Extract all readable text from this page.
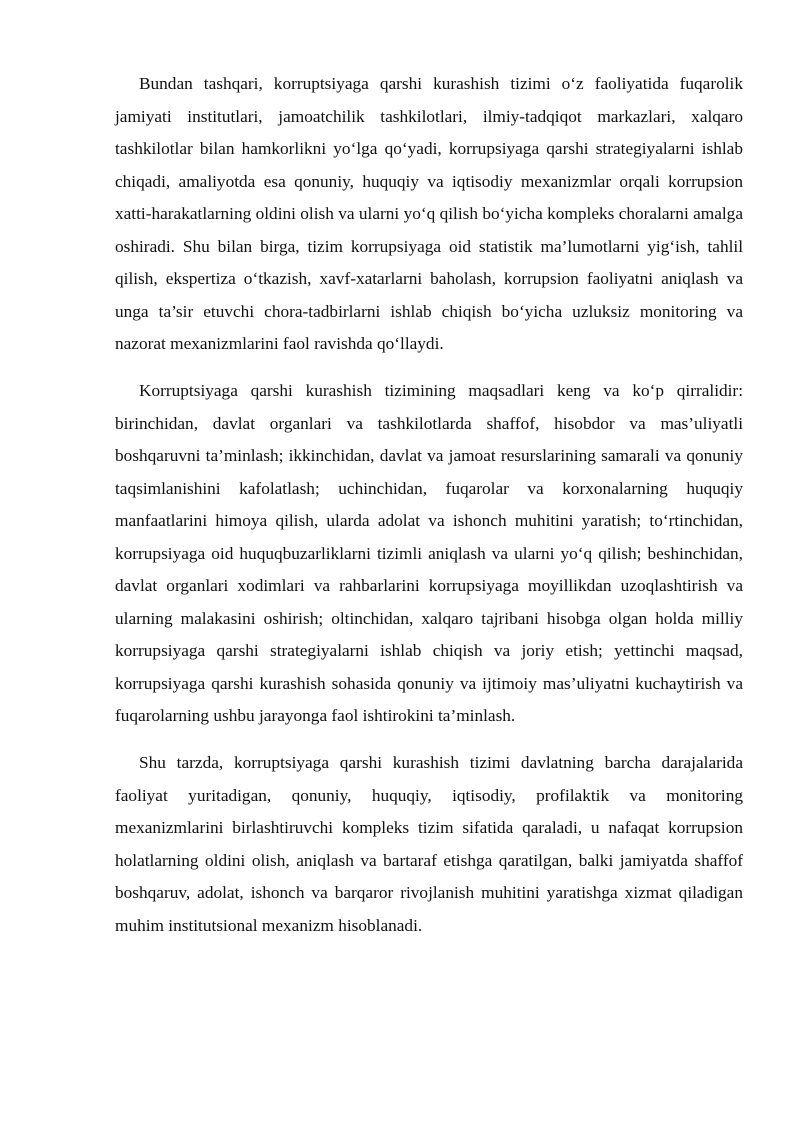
Bundan tashqari, korruptsiyaga qarshi kurashish tizimi o‘z faoliyatida fuqarolik jamiyati institutlari, jamoatchilik tashkilotlari, ilmiy-tadqiqot markazlari, xalqaro tashkilotlar bilan hamkorlikni yo‘lga qo‘yadi, korrupsiyaga qarshi strategiyalarni ishlab chiqadi, amaliyotda esa qonuniy, huquqiy va iqtisodiy mexanizmlar orqali korrupsion xatti-harakatlarning oldini olish va ularni yo‘q qilish bo‘yicha kompleks choralarni amalga oshiradi. Shu bilan birga, tizim korrupsiyaga oid statistik ma’lumotlarni yig‘ish, tahlil qilish, ekspertiza o‘tkazish, xavf-xatarlarni baholash, korrupsion faoliyatni aniqlash va unga ta’sir etuvchi chora-tadbirlarni ishlab chiqish bo‘yicha uzluksiz monitoring va nazorat mexanizmlarini faol ravishda qo‘llaydi.

Korruptsiyaga qarshi kurashish tizimining maqsadlari keng va ko‘p qirralidir: birinchidan, davlat organlari va tashkilotlarda shaffof, hisobdor va mas’uliyatli boshqaruvni ta’minlash; ikkinchidan, davlat va jamoat resurslarining samarali va qonuniy taqsimlanishini kafolatlash; uchinchidan, fuqarolar va korxonalarning huquqiy manfaatlarini himoya qilish, ularda adolat va ishonch muhitini yaratish; to‘rtinchidan, korrupsiyaga oid huquqbuzarliklarni tizimli aniqlash va ularni yo‘q qilish; beshinchidan, davlat organlari xodimlari va rahbarlarini korrupsiyaga moyillikdan uzoqlashtirish va ularning malakasini oshirish; oltinchidan, xalqaro tajribani hisobga olgan holda milliy korrupsiyaga qarshi strategiyalarni ishlab chiqish va joriy etish; yettinchi maqsad, korrupsiyaga qarshi kurashish sohasida qonuniy va ijtimoiy mas’uliyatni kuchaytirish va fuqarolarning ushbu jarayonga faol ishtirokini ta’minlash.

Shu tarzda, korruptsiyaga qarshi kurashish tizimi davlatning barcha darajalarida faoliyat yuritadigan, qonuniy, huquqiy, iqtisodiy, profilaktik va monitoring mexanizmlarini birlashtiruvchi kompleks tizim sifatida qaraladi, u nafaqat korrupsion holatlarning oldini olish, aniqlash va bartaraf etishga qaratilgan, balki jamiyatda shaffof boshqaruv, adolat, ishonch va barqaror rivojlanish muhitini yaratishga xizmat qiladigan muhim institutsional mexanizm hisoblanadi.
